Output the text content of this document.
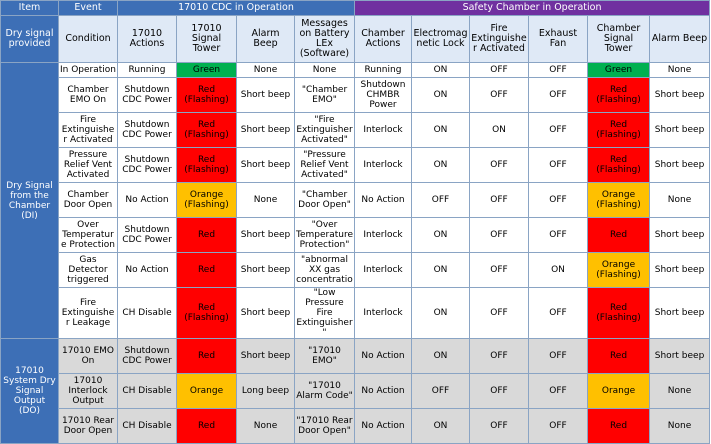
Item	Event	17010 CDC in Operation				Safety Chamber in Operation					
Dry signal provided	Condition	17010 Actions	17010 Signal Tower	Alarm Beep	Messages on Battery LEx (Software)	Chamber Actions	Electromag netic Lock	Fire Extinguisher Activated	Exhaust Fan	Chamber Signal Tower	Alarm Beep
Dry Signal from the Chamber (DI)	In Operation	Running	Green	None	None	Running	ON	OFF	OFF	Green	None
	Chamber EMO On	Shutdown CDC Power	Red (Flashing)	Short beep	"Chamber EMO"	Shutdown CHMBR Power	ON	OFF	OFF	Red (Flashing)	Short beep
	Fire Extinguisher Activated	Shutdown CDC Power	Red (Flashing)	Short beep	"Fire Extinguisher Activated"	Interlock	ON	ON	OFF	Red (Flashing)	Short beep
	Pressure Relief Vent Activated	Shutdown CDC Power	Red (Flashing)	Short beep	"Pressure Relief Vent Activated"	Interlock	ON	OFF	OFF	Red (Flashing)	Short beep
	Chamber Door Open	No Action	Orange (Flashing)	None	"Chamber Door Open"	No Action	OFF	OFF	OFF	Orange (Flashing)	None
	Over Temperature Protection	Shutdown CDC Power	Red	Short beep	"Over Temperature Protection"	Interlock	ON	OFF	OFF	Red	Short beep
	Gas Detector triggered	No Action	Red	Short beep	"abnormal XX gas concentratio	Interlock	ON	OFF	ON	Orange (Flashing)	Short beep
	Fire Extinguisher Leakage	CH Disable	Red (Flashing)	Short beep	"Low Pressure Fire Extinguisher"	Interlock	ON	OFF	OFF	Red (Flashing)	Short beep
17010 System Dry Signal Output (DO)	17010 EMO On	Shutdown CDC Power	Red	Short beep	"17010 EMO"	No Action	ON	OFF	OFF	Red	Short beep
	17010 Interlock Output	CH Disable	Orange	Long beep	"17010 Alarm Code"	No Action	OFF	OFF	OFF	Orange	None
	17010 Rear Door Open	CH Disable	Red	None	"17010 Rear Door Open"	No Action	ON	OFF	OFF	Red	None
